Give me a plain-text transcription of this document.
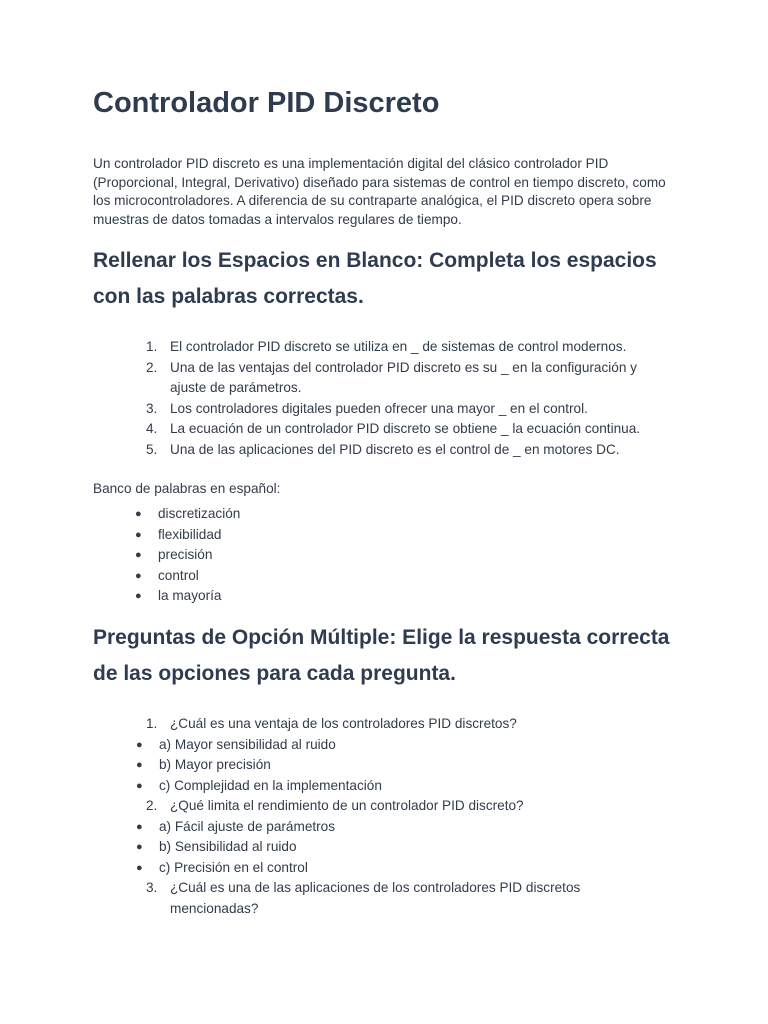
Controlador PID Discreto

Un controlador PID discreto es una implementación digital del clásico controlador PID (Proporcional, Integral, Derivativo) diseñado para sistemas de control en tiempo discreto, como los microcontroladores. A diferencia de su contraparte analógica, el PID discreto opera sobre muestras de datos tomadas a intervalos regulares de tiempo.

Rellenar los Espacios en Blanco: Completa los espacios con las palabras correctas.
1. El controlador PID discreto se utiliza en _ de sistemas de control modernos.
2. Una de las ventajas del controlador PID discreto es su _ en la configuración y ajuste de parámetros.
3. Los controladores digitales pueden ofrecer una mayor _ en el control.
4. La ecuación de un controlador PID discreto se obtiene _ la ecuación continua.
5. Una de las aplicaciones del PID discreto es el control de _ en motores DC.

Banco de palabras en español:

● discretización
● flexibilidad
● precisión
● control
● la mayoría
Preguntas de Opción Múltiple: Elige la respuesta correcta de las opciones para cada pregunta.
1. ¿Cuál es una ventaja de los controladores PID discretos?
● a) Mayor sensibilidad al ruido
● b) Mayor precisión
● c) Complejidad en la implementación
2. ¿Qué limita el rendimiento de un controlador PID discreto?
● a) Fácil ajuste de parámetros
● b) Sensibilidad al ruido
● c) Precisión en el control
3. ¿Cuál es una de las aplicaciones de los controladores PID discretos mencionadas?
